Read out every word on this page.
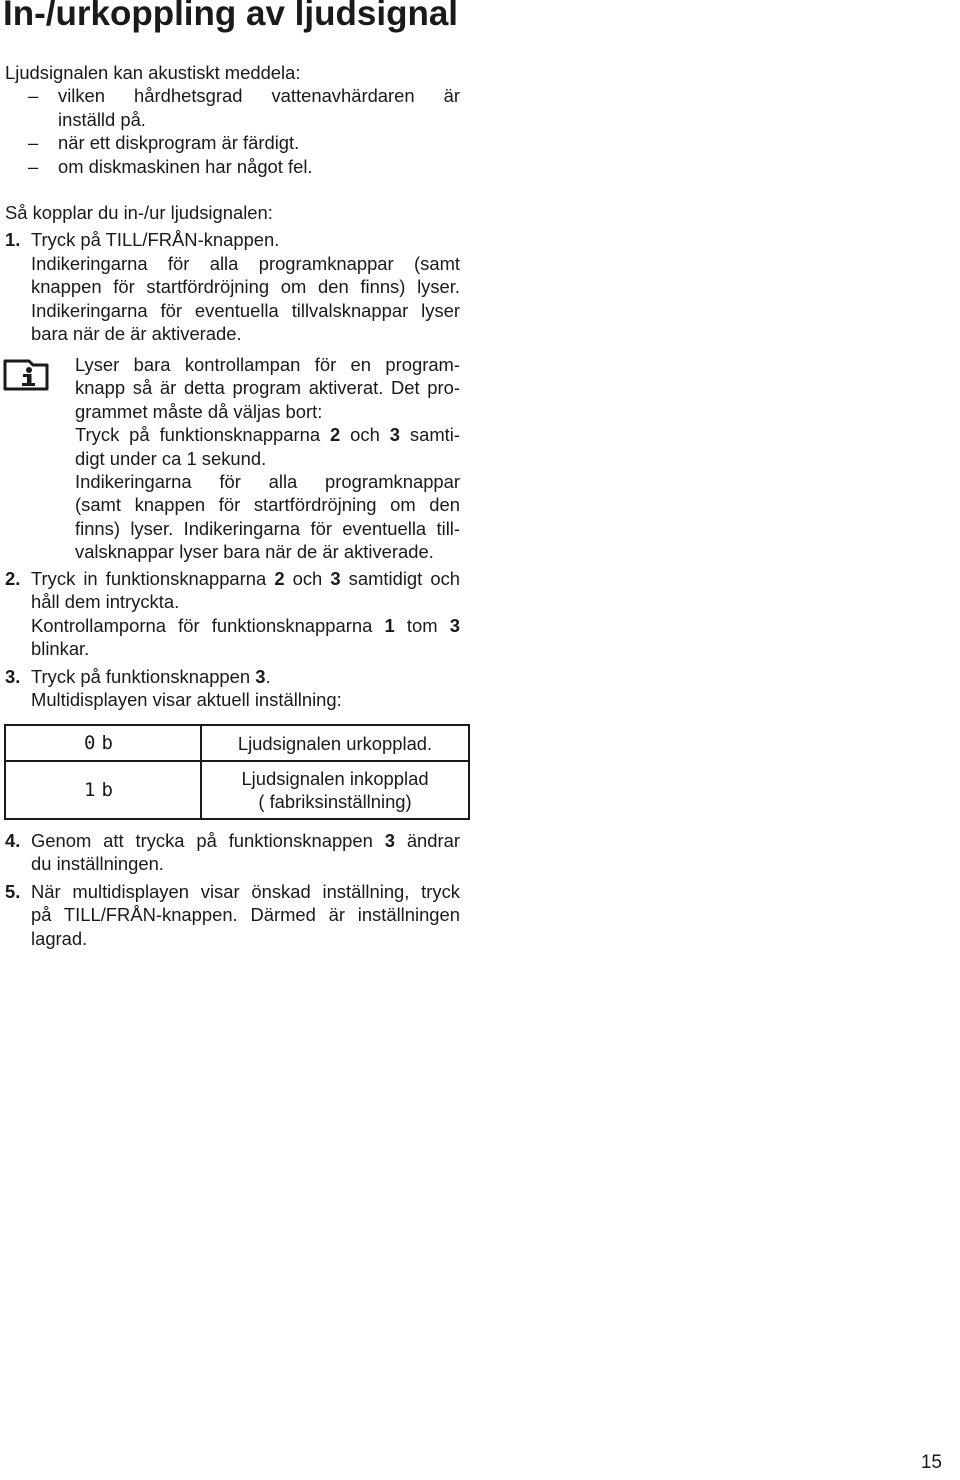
In-/urkoppling av ljudsignal
Ljudsignalen kan akustiskt meddela:
– vilken hårdhetsgrad vattenavhärdaren är
inställd på.
– när ett diskprogram är färdigt.
– om diskmaskinen har något fel.
Så kopplar du in-/ur ljudsignalen:
1. Tryck på TILL/FRÅN-knappen.
Indikeringarna för alla programknappar (samt
knappen för startfördröjning om den finns) lyser.
Indikeringarna för eventuella tillvalsknappar lyser
bara när de är aktiverade.
Lyser bara kontrollampan för en program-
knapp så är detta program aktiverat. Det pro-
grammet måste då väljas bort:
Tryck på funktionsknapparna 2 och 3 samti-
digt under ca 1 sekund.
Indikeringarna för alla programknappar
(samt knappen för startfördröjning om den
finns) lyser. Indikeringarna för eventuella till-
valsknappar lyser bara när de är aktiverade.
2. Tryck in funktionsknapparna 2 och 3 samtidigt och
håll dem intryckta.
Kontrollamporna för funktionsknapparna 1 tom 3
blinkar.
3. Tryck på funktionsknappen 3.
Multidisplayen visar aktuell inställning:
0b	Ljudsignalen urkopplad.

1b	Ljudsignalen inkopplad
( fabriksinställning)
4. Genom att trycka på funktionsknappen 3 ändrar
du inställningen.
5. När multidisplayen visar önskad inställning, tryck
på TILL/FRÅN-knappen. Därmed är inställningen
lagrad.
15
